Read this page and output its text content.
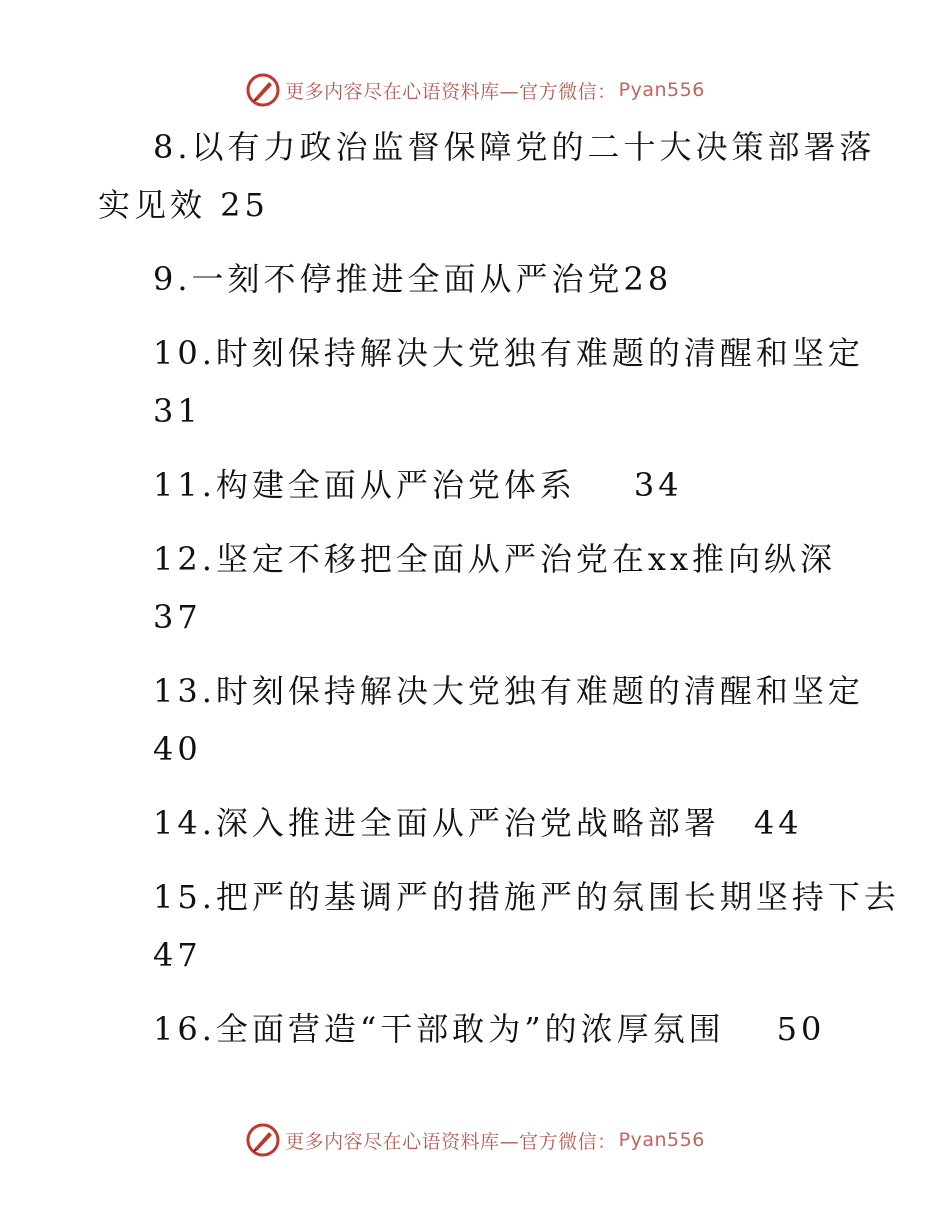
更多内容尽在心语资料库—官方微信： Pyan556
8.以有力政治监督保障党的二十大决策部署落
实见效 25
9.一刻不停推进全面从严治党28
10.时刻保持解决大党独有难题的清醒和坚定
31
11.构建全面从严治党体系 34
12.坚定不移把全面从严治党在xx推向纵深
37
13.时刻保持解决大党独有难题的清醒和坚定
40
14.深入推进全面从严治党战略部署 44
15.把严的基调严的措施严的氛围长期坚持下去
47
16.全面营造“干部敢为”的浓厚氛围 50
更多内容尽在心语资料库—官方微信： Pyan556
